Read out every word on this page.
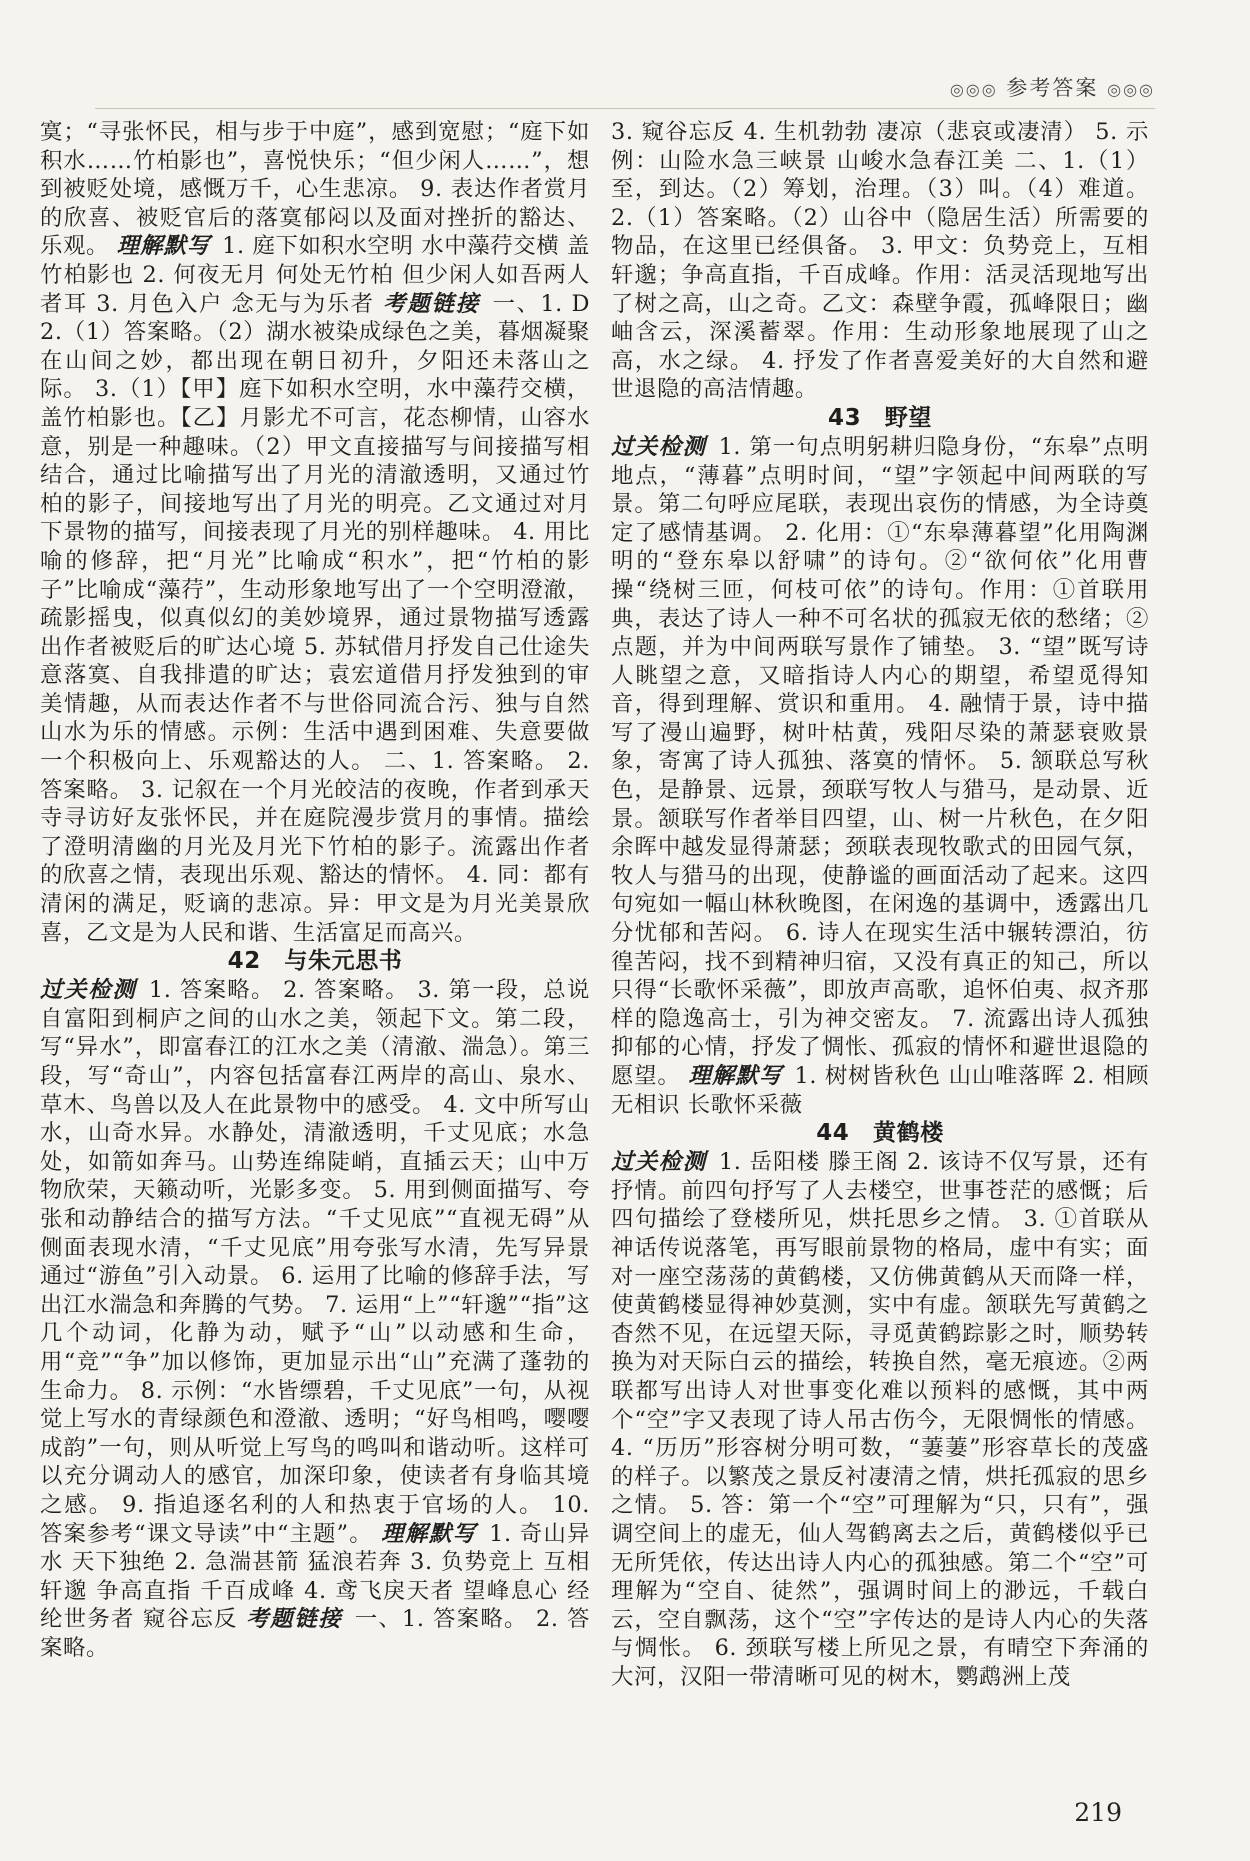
◎◎◎ 参考答案 ◎◎◎

寞；“寻张怀民，相与步于中庭”，感到宽慰；“庭下如积水……竹柏影也”，喜悦快乐；“但少闲人……”，想到被贬处境，感慨万千，心生悲凉。 9. 表达作者赏月的欣喜、被贬官后的落寞郁闷以及面对挫折的豁达、乐观。 理解默写 1. 庭下如积水空明 水中藻荇交横 盖竹柏影也 2. 何夜无月 何处无竹柏 但少闲人如吾两人者耳 3. 月色入户 念无与为乐者 考题链接 一、1. D 2.（1）答案略。（2）湖水被染成绿色之美，暮烟凝聚在山间之妙，都出现在朝日初升，夕阳还未落山之际。 3.（1）【甲】庭下如积水空明，水中藻荇交横，盖竹柏影也。【乙】月影尤不可言，花态柳情，山容水意，别是一种趣味。（2）甲文直接描写与间接描写相结合，通过比喻描写出了月光的清澈透明，又通过竹柏的影子，间接地写出了月光的明亮。乙文通过对月下景物的描写，间接表现了月光的别样趣味。 4. 用比喻的修辞，把“月光”比喻成“积水”，把“竹柏的影子”比喻成“藻荇”，生动形象地写出了一个空明澄澈，疏影摇曳，似真似幻的美妙境界，通过景物描写透露出作者被贬后的旷达心境 5. 苏轼借月抒发自己仕途失意落寞、自我排遣的旷达；袁宏道借月抒发独到的审美情趣，从而表达作者不与世俗同流合污、独与自然山水为乐的情感。示例：生活中遇到困难、失意要做一个积极向上、乐观豁达的人。 二、1. 答案略。 2. 答案略。 3. 记叙在一个月光皎洁的夜晚，作者到承天寺寻访好友张怀民，并在庭院漫步赏月的事情。描绘了澄明清幽的月光及月光下竹柏的影子。流露出作者的欣喜之情，表现出乐观、豁达的情怀。 4. 同：都有清闲的满足，贬谪的悲凉。异：甲文是为月光美景欣喜，乙文是为人民和谐、生活富足而高兴。

42　与朱元思书

过关检测 1. 答案略。 2. 答案略。 3. 第一段，总说自富阳到桐庐之间的山水之美，领起下文。第二段，写“异水”，即富春江的江水之美（清澈、湍急）。第三段，写“奇山”，内容包括富春江两岸的高山、泉水、草木、鸟兽以及人在此景物中的感受。 4. 文中所写山水，山奇水异。水静处，清澈透明，千丈见底；水急处，如箭如奔马。山势连绵陡峭，直插云天；山中万物欣荣，天籁动听，光影多变。 5. 用到侧面描写、夸张和动静结合的描写方法。“千丈见底”“直视无碍”从侧面表现水清，“千丈见底”用夸张写水清，先写异景通过“游鱼”引入动景。 6. 运用了比喻的修辞手法，写出江水湍急和奔腾的气势。 7. 运用“上”“轩邈”“指”这几个动词，化静为动，赋予“山”以动感和生命，用“竞”“争”加以修饰，更加显示出“山”充满了蓬勃的生命力。 8. 示例：“水皆缥碧，千丈见底”一句，从视觉上写水的青绿颜色和澄澈、透明；“好鸟相鸣，嘤嘤成韵”一句，则从听觉上写鸟的鸣叫和谐动听。这样可以充分调动人的感官，加深印象，使读者有身临其境之感。 9. 指追逐名利的人和热衷于官场的人。 10. 答案参考“课文导读”中“主题”。 理解默写 1. 奇山异水 天下独绝 2. 急湍甚箭 猛浪若奔 3. 负势竞上 互相轩邈 争高直指 千百成峰 4. 鸢飞戾天者 望峰息心 经纶世务者 窥谷忘反 考题链接 一、1. 答案略。 2. 答案略。

3. 窥谷忘反 4. 生机勃勃 凄凉（悲哀或凄清） 5. 示例：山险水急三峡景 山峻水急春江美 二、1.（1）至，到达。（2）筹划，治理。（3）叫。（4）难道。 2.（1）答案略。（2）山谷中（隐居生活）所需要的物品，在这里已经俱备。 3. 甲文：负势竞上，互相轩邈；争高直指，千百成峰。作用：活灵活现地写出了树之高，山之奇。乙文：森壁争霞，孤峰限日；幽岫含云，深溪蓄翠。作用：生动形象地展现了山之高，水之绿。 4. 抒发了作者喜爱美好的大自然和避世退隐的高洁情趣。

43　野望

过关检测 1. 第一句点明躬耕归隐身份，“东皋”点明地点，“薄暮”点明时间，“望”字领起中间两联的写景。第二句呼应尾联，表现出哀伤的情感，为全诗奠定了感情基调。 2. 化用：①“东皋薄暮望”化用陶渊明的“登东皋以舒啸”的诗句。②“欲何依”化用曹操“绕树三匝，何枝可依”的诗句。作用：①首联用典，表达了诗人一种不可名状的孤寂无依的愁绪；②点题，并为中间两联写景作了铺垫。 3. “望”既写诗人眺望之意，又暗指诗人内心的期望，希望觅得知音，得到理解、赏识和重用。 4. 融情于景，诗中描写了漫山遍野，树叶枯黄，残阳尽染的萧瑟衰败景象，寄寓了诗人孤独、落寞的情怀。 5. 颔联总写秋色，是静景、远景，颈联写牧人与猎马，是动景、近景。颔联写作者举目四望，山、树一片秋色，在夕阳余晖中越发显得萧瑟；颈联表现牧歌式的田园气氛，牧人与猎马的出现，使静谧的画面活动了起来。这四句宛如一幅山林秋晚图，在闲逸的基调中，透露出几分忧郁和苦闷。 6. 诗人在现实生活中辗转漂泊，彷徨苦闷，找不到精神归宿，又没有真正的知己，所以只得“长歌怀采薇”，即放声高歌，追怀伯夷、叔齐那样的隐逸高士，引为神交密友。 7. 流露出诗人孤独抑郁的心情，抒发了惆怅、孤寂的情怀和避世退隐的愿望。 理解默写 1. 树树皆秋色 山山唯落晖 2. 相顾无相识 长歌怀采薇

44　黄鹤楼

过关检测 1. 岳阳楼 滕王阁 2. 该诗不仅写景，还有抒情。前四句抒写了人去楼空，世事苍茫的感慨；后四句描绘了登楼所见，烘托思乡之情。 3. ①首联从神话传说落笔，再写眼前景物的格局，虚中有实；面对一座空荡荡的黄鹤楼，又仿佛黄鹤从天而降一样，使黄鹤楼显得神妙莫测，实中有虚。颔联先写黄鹤之杳然不见，在远望天际，寻觅黄鹤踪影之时，顺势转换为对天际白云的描绘，转换自然，毫无痕迹。②两联都写出诗人对世事变化难以预料的感慨，其中两个“空”字又表现了诗人吊古伤今，无限惆怅的情感。 4. “历历”形容树分明可数，“萋萋”形容草长的茂盛的样子。以繁茂之景反衬凄清之情，烘托孤寂的思乡之情。 5. 答：第一个“空”可理解为“只，只有”，强调空间上的虚无，仙人驾鹤离去之后，黄鹤楼似乎已无所凭依，传达出诗人内心的孤独感。第二个“空”可理解为“空自、徒然”，强调时间上的渺远，千载白云，空自飘荡，这个“空”字传达的是诗人内心的失落与惆怅。 6. 颈联写楼上所见之景，有晴空下奔涌的大河，汉阳一带清晰可见的树木，鹦鹉洲上茂

219
